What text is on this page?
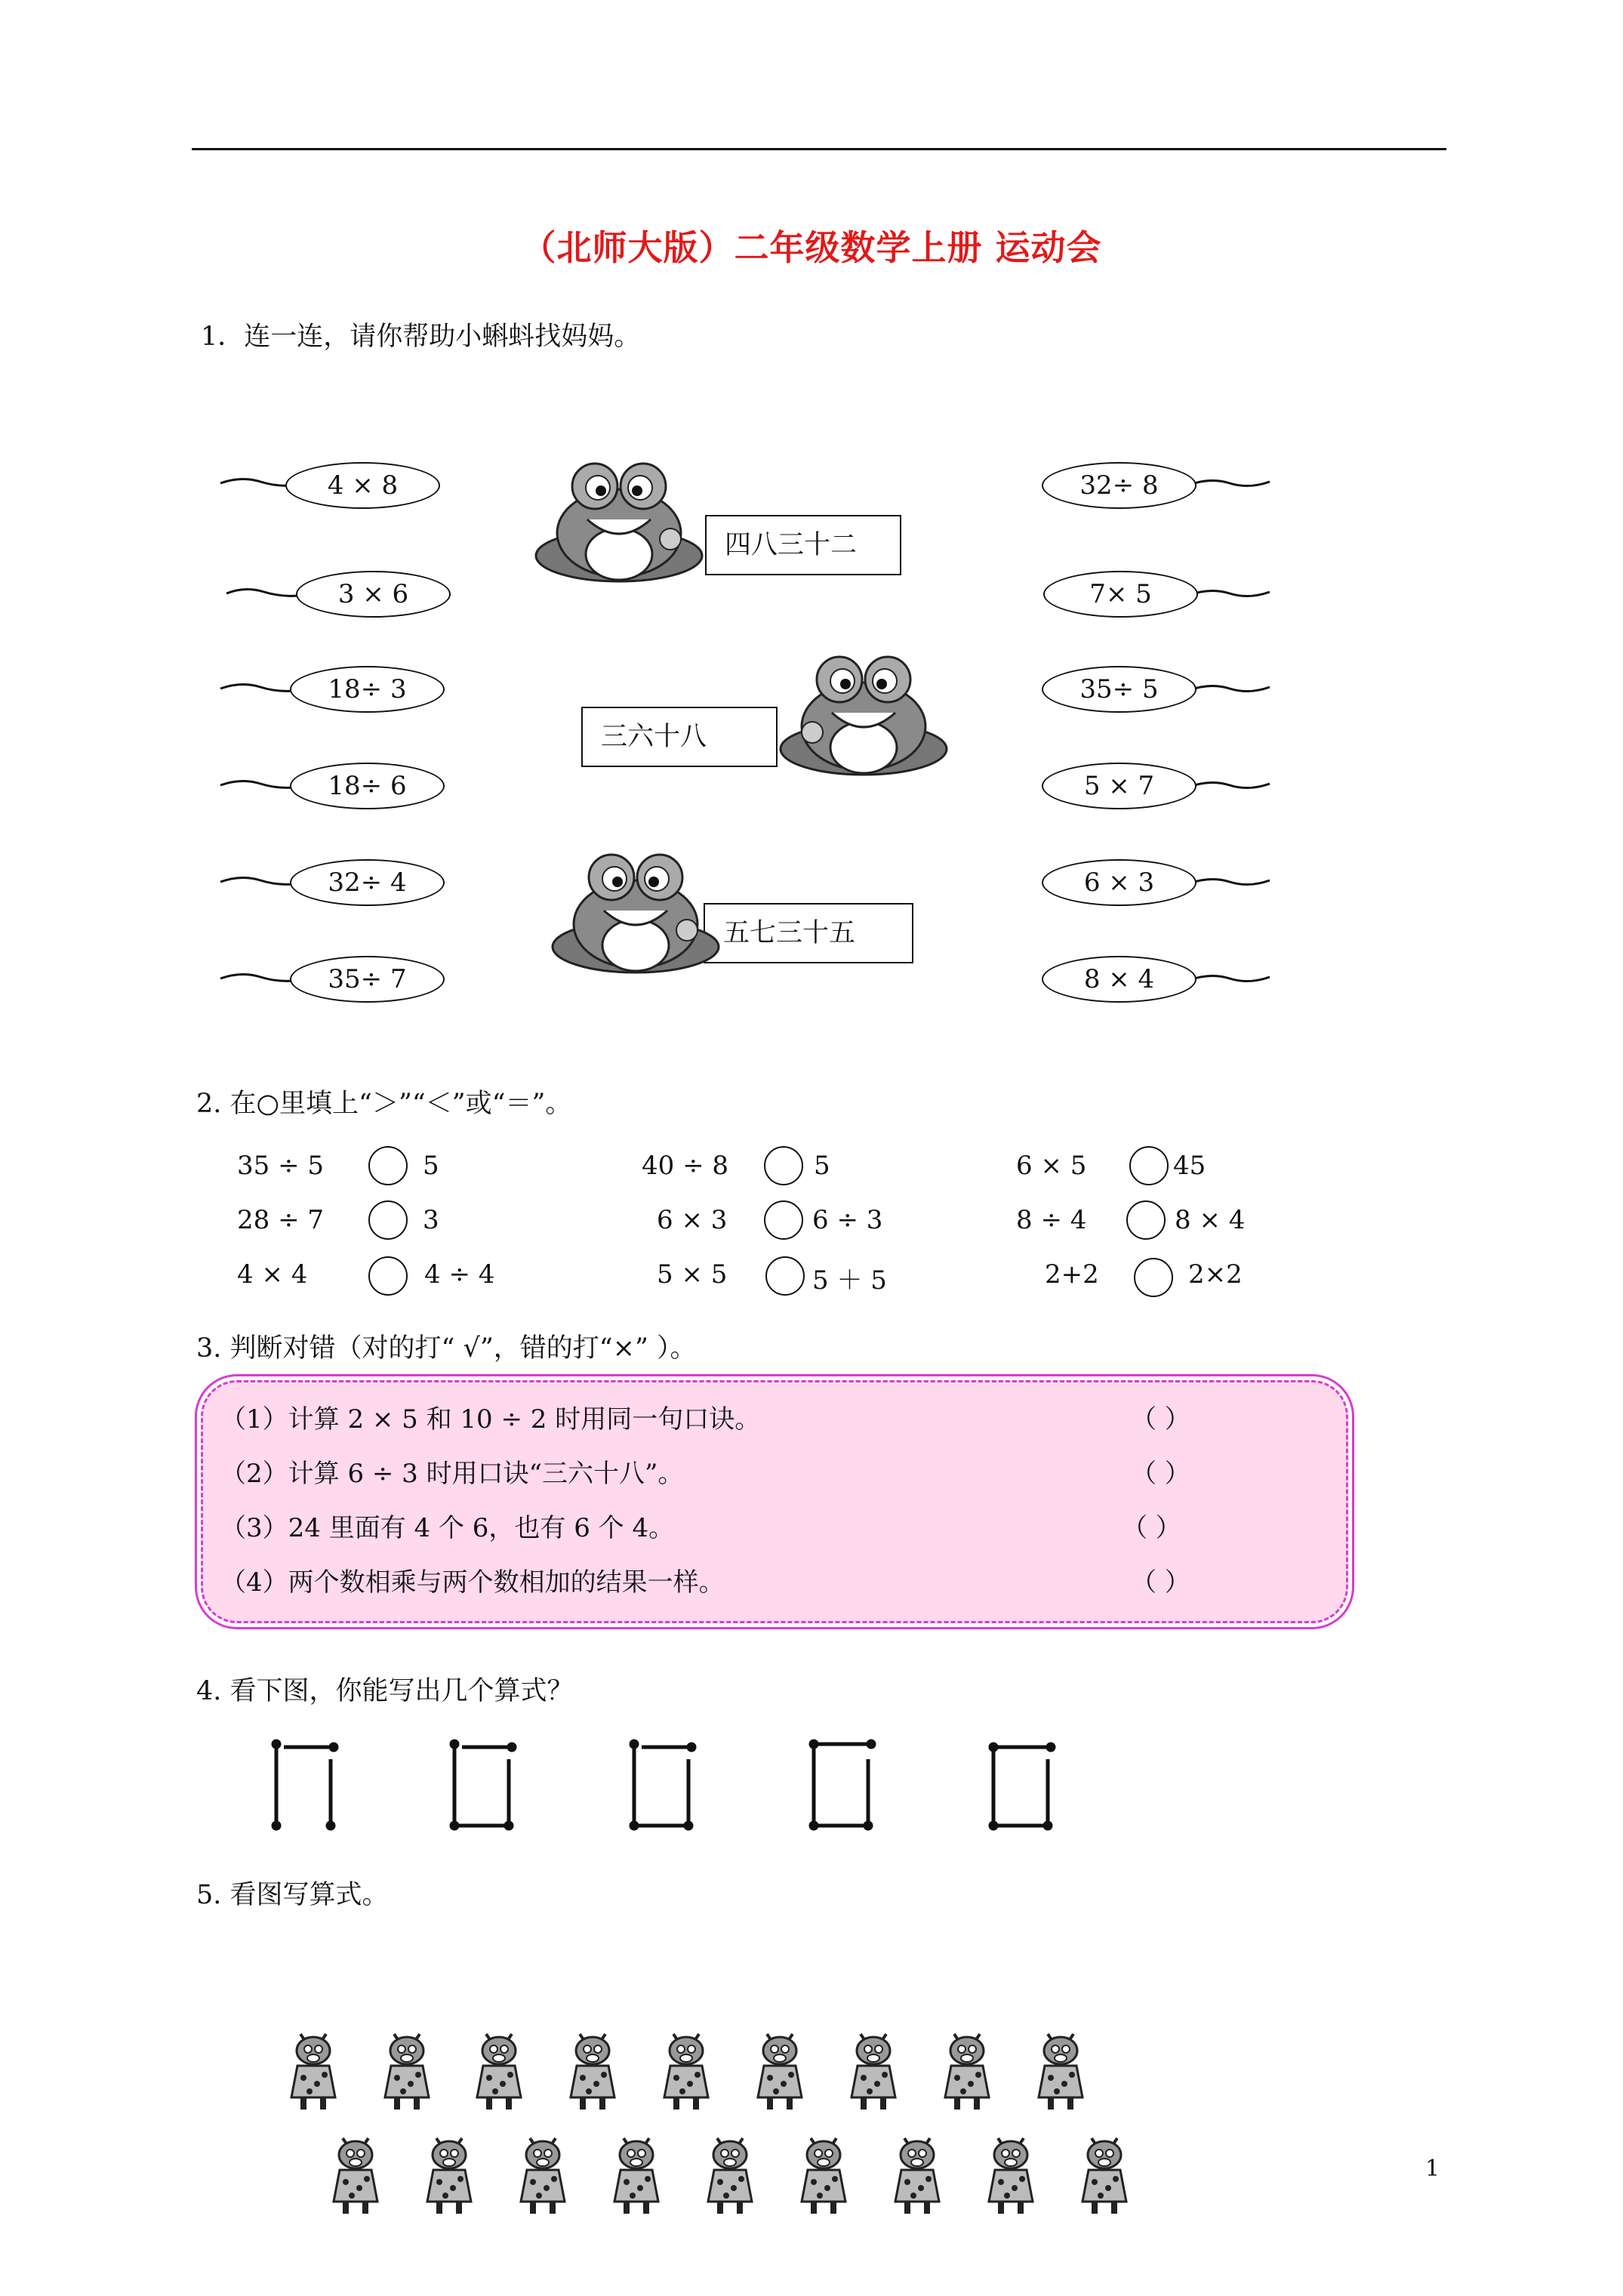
（北师大版）二年级数学上册 运动会
1．连一连，请你帮助小蝌蚪找妈妈。
4 × 8
3 × 6
18÷ 3
18÷ 6
32÷ 4
35÷ 7
32÷ 8
7× 5
35÷ 5
5 × 7
6 × 3
8 × 4
四八三十二
三六十八
五七三十五
2. 在○里填上“＞”“＜”或“＝”。
35 ÷ 5	5	40 ÷ 8	5	6 × 5	45
28 ÷ 7	3	6 × 3	6 ÷ 3	8 ÷ 4	8 × 4
4 × 4	4 ÷ 4	5 × 5	5 ＋ 5	2+2	2×2
3. 判断对错（对的打“ √”，错的打“×” ）。
（1）计算 2 × 5 和 10 ÷ 2 时用同一句口诀。	（ ）
（2）计算 6 ÷ 3 时用口诀“三六十八”。	（ ）
（3）24 里面有 4 个 6，也有 6 个 4。	（ ）
（4）两个数相乘与两个数相加的结果一样。	（ ）
4. 看下图，你能写出几个算式？
5. 看图写算式。
1
